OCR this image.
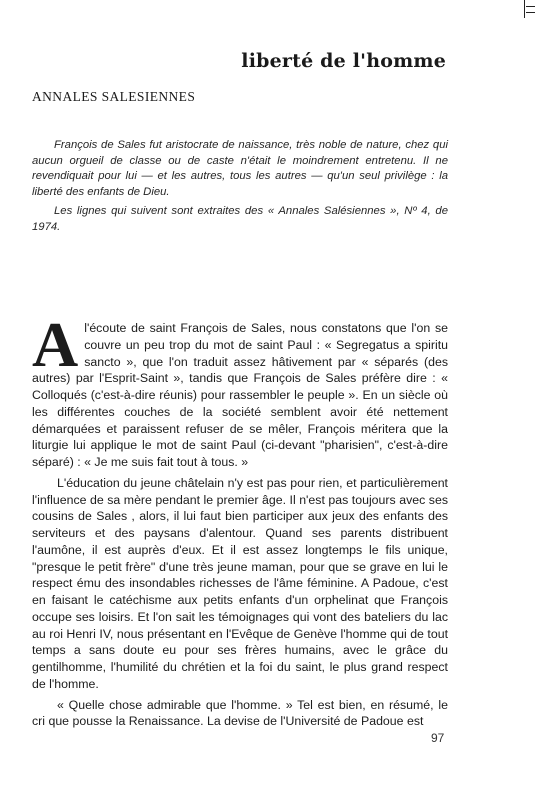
liberté de l'homme
ANNALES SALESIENNES

François de Sales fut aristocrate de naissance, très noble de nature, chez qui aucun orgueil de classe ou de caste n'était le moindrement entretenu. Il ne revendiquait pour lui — et les autres, tous les autres — qu'un seul privilège : la liberté des enfants de Dieu.

Les lignes qui suivent sont extraites des « Annales Salésiennes », Nº 4, de 1974.

A l'écoute de saint François de Sales, nous constatons que l'on se couvre un peu trop du mot de saint Paul : « Segregatus a spiritu sancto », que l'on traduit assez hâtivement par « séparés (des autres) par l'Esprit-Saint », tandis que François de Sales préfère dire : « Colloqués (c'est-à-dire réunis) pour rassembler le peuple ». En un siècle où les différentes couches de la société semblent avoir été nettement démarquées et paraissent refuser de se mêler, François méritera que la liturgie lui applique le mot de saint Paul (ci-devant "pharisien", c'est-à-dire séparé) : « Je me suis fait tout à tous. »

L'éducation du jeune châtelain n'y est pas pour rien, et particulièrement l'influence de sa mère pendant le premier âge. Il n'est pas toujours avec ses cousins de Sales , alors, il lui faut bien participer aux jeux des enfants des serviteurs et des paysans d'alentour. Quand ses parents distribuent l'aumône, il est auprès d'eux. Et il est assez longtemps le fils unique, "presque le petit frère" d'une très jeune maman, pour que se grave en lui le respect ému des insondables richesses de l'âme féminine. A Padoue, c'est en faisant le catéchisme aux petits enfants d'un orphelinat que François occupe ses loisirs. Et l'on sait les témoignages qui vont des bateliers du lac au roi Henri IV, nous présentant en l'Evêque de Genève l'homme qui de tout temps a sans doute eu pour ses frères humains, avec le grâce du gentilhomme, l'humilité du chrétien et la foi du saint, le plus grand respect de l'homme.

« Quelle chose admirable que l'homme. » Tel est bien, en résumé, le cri que pousse la Renaissance. La devise de l'Université de Padoue est

97
